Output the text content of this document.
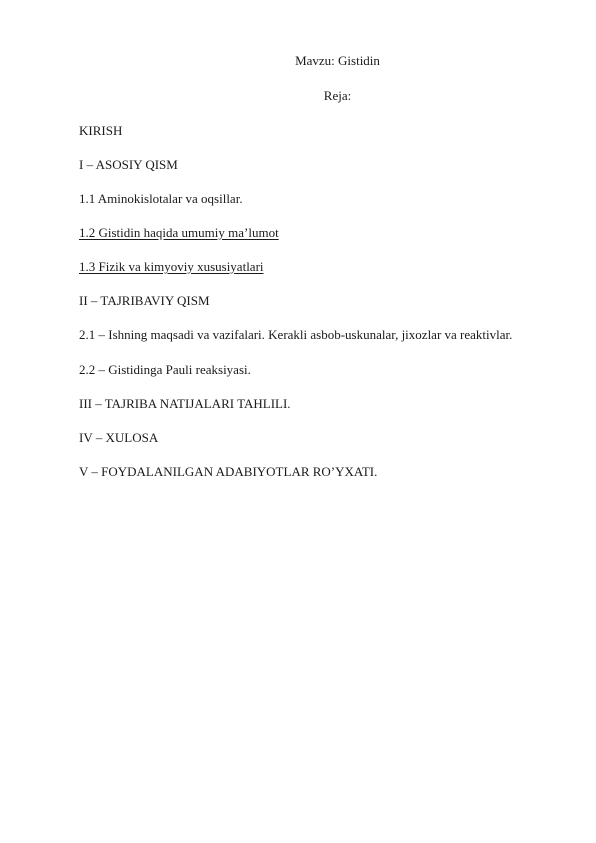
Mavzu: Gistidin

Reja:

KIRISH

I – ASOSIY QISM

1.1 Aminokislotalar va oqsillar.

1.2 Gistidin haqida umumiy ma’lumot

1.3 Fizik va kimyoviy xususiyatlari

II – TAJRIBAVIY QISM

2.1 – Ishning maqsadi va vazifalari. Kerakli asbob-uskunalar, jixozlar va reaktivlar.

2.2 – Gistidinga Pauli reaksiyasi.

III – TAJRIBA NATIJALARI TAHLILI.

IV – XULOSA

V – FOYDALANILGAN ADABIYOTLAR RO’YXATI.
